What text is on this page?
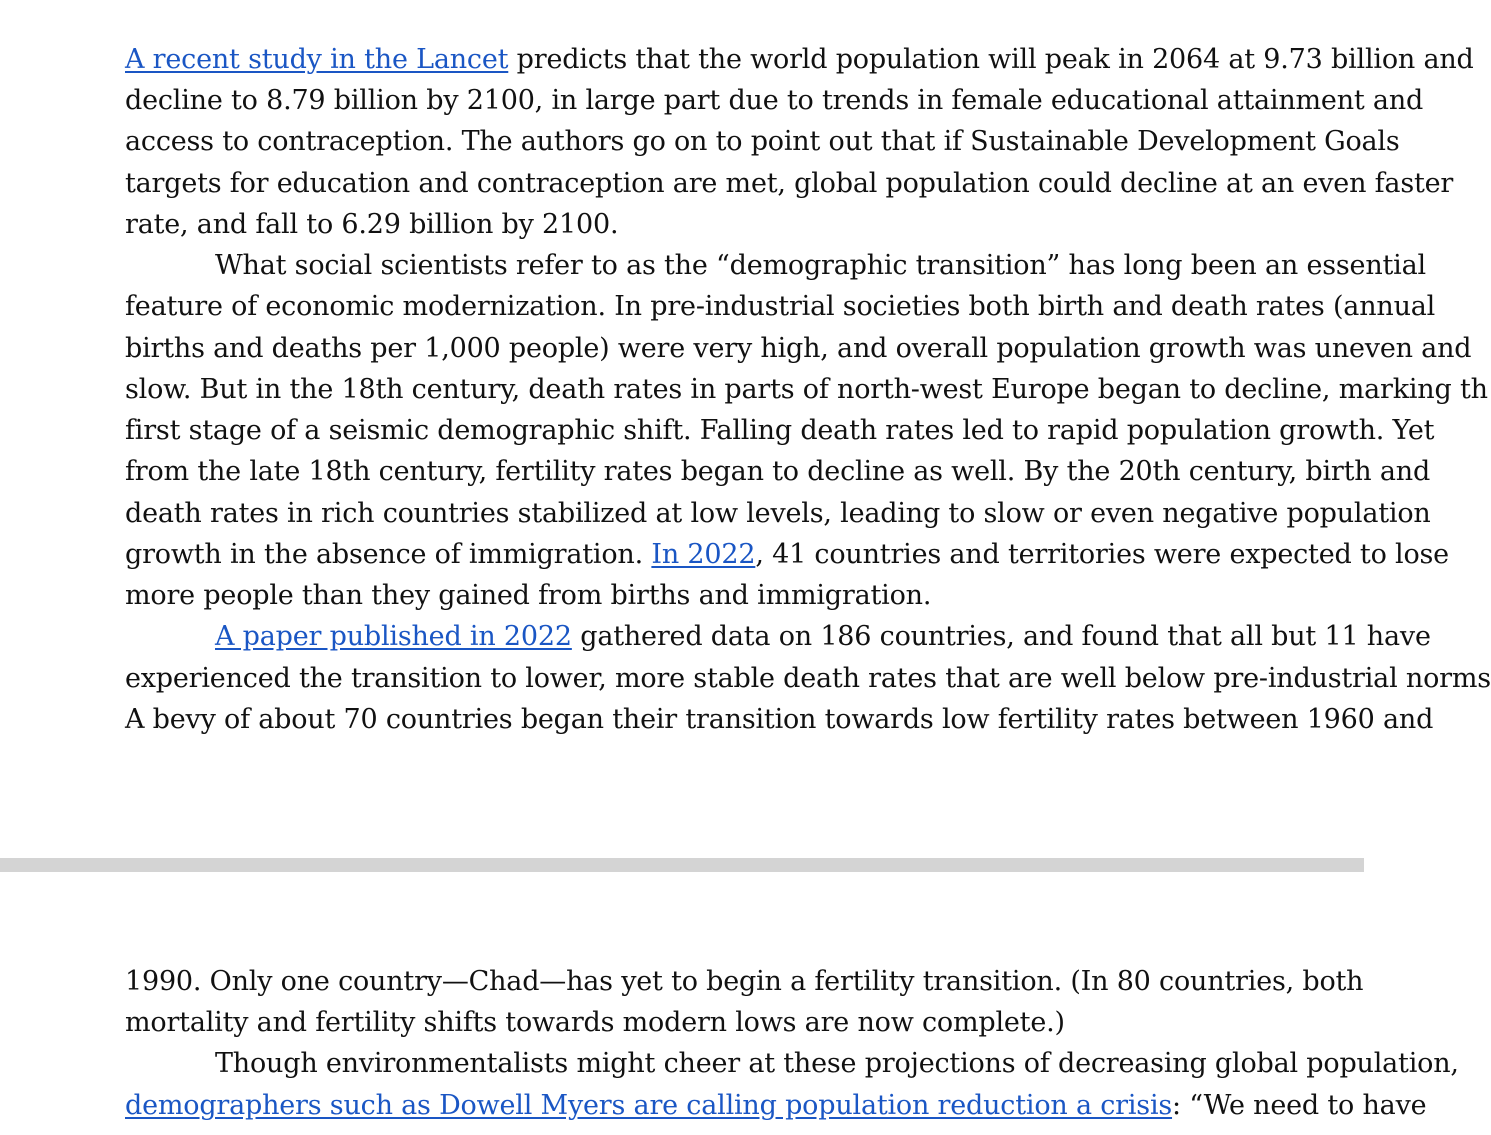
A recent study in the Lancet predicts that the world population will peak in 2064 at 9.73 billion and
decline to 8.79 billion by 2100, in large part due to trends in female educational attainment and
access to contraception. The authors go on to point out that if Sustainable Development Goals
targets for education and contraception are met, global population could decline at an even faster
rate, and fall to 6.29 billion by 2100.
What social scientists refer to as the “demographic transition” has long been an essential
feature of economic modernization. In pre-industrial societies both birth and death rates (annual
births and deaths per 1,000 people) were very high, and overall population growth was uneven and
slow. But in the 18th century, death rates in parts of north-west Europe began to decline, marking th
first stage of a seismic demographic shift. Falling death rates led to rapid population growth. Yet
from the late 18th century, fertility rates began to decline as well. By the 20th century, birth and
death rates in rich countries stabilized at low levels, leading to slow or even negative population
growth in the absence of immigration. In 2022, 41 countries and territories were expected to lose
more people than they gained from births and immigration.
A paper published in 2022 gathered data on 186 countries, and found that all but 11 have
experienced the transition to lower, more stable death rates that are well below pre-industrial norms
A bevy of about 70 countries began their transition towards low fertility rates between 1960 and
1990. Only one country—Chad—has yet to begin a fertility transition. (In 80 countries, both
mortality and fertility shifts towards modern lows are now complete.)
Though environmentalists might cheer at these projections of decreasing global population,
demographers such as Dowell Myers are calling population reduction a crisis: “We need to have
